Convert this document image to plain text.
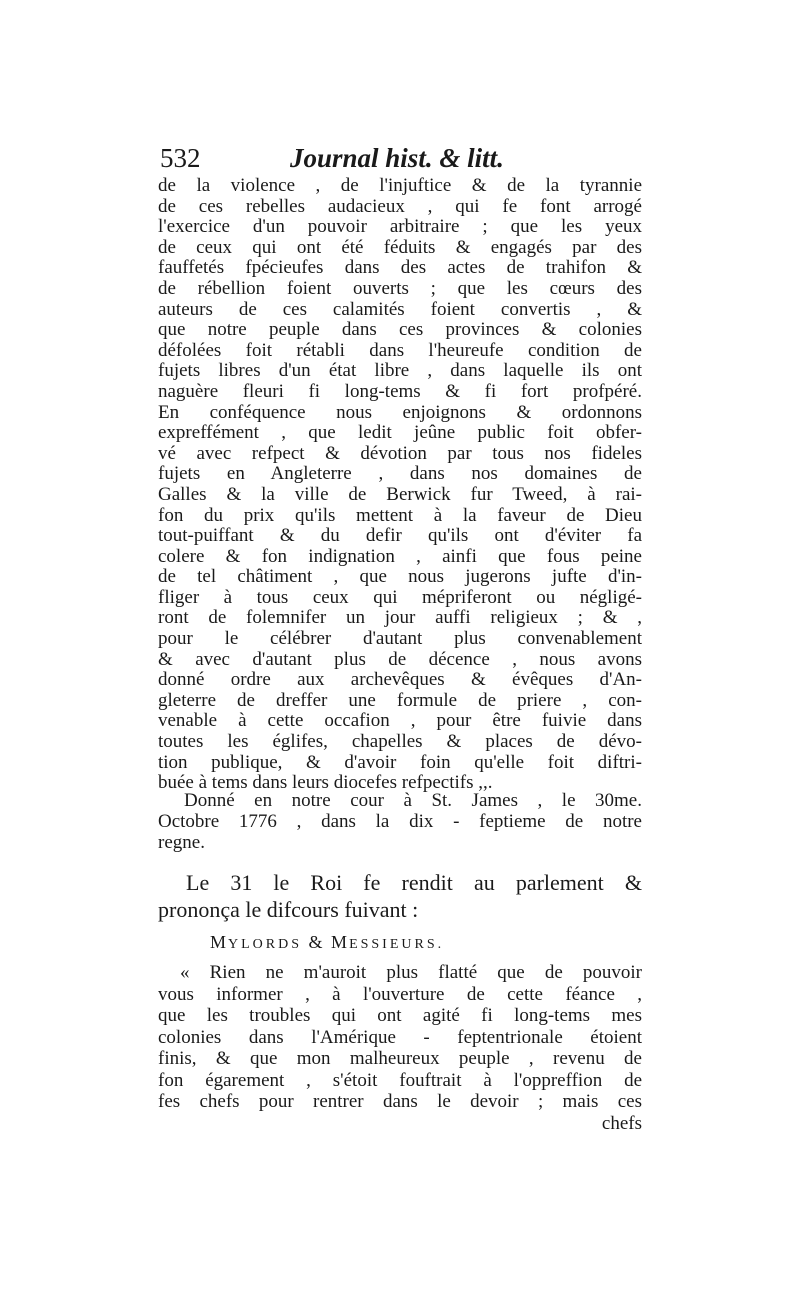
532	Journal hist. & litt.
de la violence , de l'injuftice & de la tyrannie
de ces rebelles audacieux , qui fe font arrogé
l'exercice d'un pouvoir arbitraire ; que les yeux
de ceux qui ont été féduits & engagés par des
fauffetés fpécieufes dans des actes de trahifon &
de rébellion foient ouverts ; que les cœurs des
auteurs de ces calamités foient convertis , &
que notre peuple dans ces provinces & colonies
défolées foit rétabli dans l'heureufe condition de
fujets libres d'un état libre , dans laquelle ils ont
naguère fleuri fi long-tems & fi fort profpéré.
En conféquence nous enjoignons & ordonnons
expreffément , que ledit jeûne public foit obfer-
vé avec refpect & dévotion par tous nos fideles
fujets en Angleterre , dans nos domaines de
Galles & la ville de Berwick fur Tweed, à rai-
fon du prix qu'ils mettent à la faveur de Dieu
tout-puiffant & du defir qu'ils ont d'éviter fa
colere & fon indignation , ainfi que fous peine
de tel châtiment , que nous jugerons jufte d'in-
fliger à tous ceux qui mépriferont ou négligé-
ront de folemnifer un jour auffi religieux ; & ,
pour le célébrer d'autant plus convenablement
& avec d'autant plus de décence , nous avons
donné ordre aux archevêques & évêques d'An-
gleterre de dreffer une formule de priere , con-
venable à cette occafion , pour être fuivie dans
toutes les églifes, chapelles & places de dévo-
tion publique, & d'avoir foin qu'elle foit diftri-
buée à tems dans leurs diocefes refpectifs ,,.
Donné en notre cour à St. James , le 30me.
Octobre 1776 , dans la dix - feptieme de notre
regne.
Le 31 le Roi fe rendit au parlement &
prononça le difcours fuivant :
MYLORDS & MESSIEURS.
« Rien ne m'auroit plus flatté que de pouvoir
vous informer , à l'ouverture de cette féance ,
que les troubles qui ont agité fi long-tems mes
colonies dans l'Amérique - feptentrionale étoient
finis, & que mon malheureux peuple , revenu de
fon égarement , s'étoit fouftrait à l'oppreffion de
fes chefs pour rentrer dans le devoir ; mais ces
chefs
